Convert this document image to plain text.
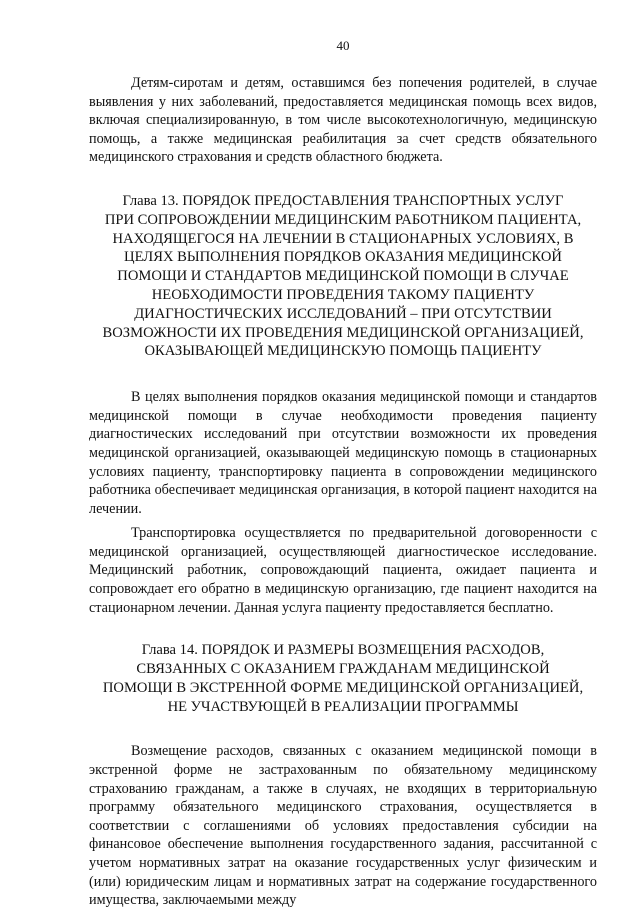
40

Детям-сиротам и детям, оставшимся без попечения родителей, в случае выявления у них заболеваний, предоставляется медицинская помощь всех видов, включая специализированную, в том числе высокотехнологичную, медицинскую помощь, а также медицинская реабилитация за счет средств обязательного медицинского страхования и средств областного бюджета.

Глава 13. ПОРЯДОК ПРЕДОСТАВЛЕНИЯ ТРАНСПОРТНЫХ УСЛУГ
ПРИ СОПРОВОЖДЕНИИ МЕДИЦИНСКИМ РАБОТНИКОМ ПАЦИЕНТА,
НАХОДЯЩЕГОСЯ НА ЛЕЧЕНИИ В СТАЦИОНАРНЫХ УСЛОВИЯХ, В
ЦЕЛЯХ ВЫПОЛНЕНИЯ ПОРЯДКОВ ОКАЗАНИЯ МЕДИЦИНСКОЙ
ПОМОЩИ И СТАНДАРТОВ МЕДИЦИНСКОЙ ПОМОЩИ В СЛУЧАЕ
НЕОБХОДИМОСТИ ПРОВЕДЕНИЯ ТАКОМУ ПАЦИЕНТУ
ДИАГНОСТИЧЕСКИХ ИССЛЕДОВАНИЙ – ПРИ ОТСУТСТВИИ
ВОЗМОЖНОСТИ ИХ ПРОВЕДЕНИЯ МЕДИЦИНСКОЙ ОРГАНИЗАЦИЕЙ,
ОКАЗЫВАЮЩЕЙ МЕДИЦИНСКУЮ ПОМОЩЬ ПАЦИЕНТУ

В целях выполнения порядков оказания медицинской помощи и стандартов медицинской помощи в случае необходимости проведения пациенту диагностических исследований при отсутствии возможности их проведения медицинской организацией, оказывающей медицинскую помощь в стационарных условиях пациенту, транспортировку пациента в сопровождении медицинского работника обеспечивает медицинская организация, в которой пациент находится на лечении.

Транспортировка осуществляется по предварительной договоренности с медицинской организацией, осуществляющей диагностическое исследование. Медицинский работник, сопровождающий пациента, ожидает пациента и сопровождает его обратно в медицинскую организацию, где пациент находится на стационарном лечении. Данная услуга пациенту предоставляется бесплатно.

Глава 14. ПОРЯДОК И РАЗМЕРЫ ВОЗМЕЩЕНИЯ РАСХОДОВ,
СВЯЗАННЫХ С ОКАЗАНИЕМ ГРАЖДАНАМ МЕДИЦИНСКОЙ
ПОМОЩИ В ЭКСТРЕННОЙ ФОРМЕ МЕДИЦИНСКОЙ ОРГАНИЗАЦИЕЙ,
НЕ УЧАСТВУЮЩЕЙ В РЕАЛИЗАЦИИ ПРОГРАММЫ

Возмещение расходов, связанных с оказанием медицинской помощи в экстренной форме не застрахованным по обязательному медицинскому страхованию гражданам, а также в случаях, не входящих в территориальную программу обязательного медицинского страхования, осуществляется в соответствии с соглашениями об условиях предоставления субсидии на финансовое обеспечение выполнения государственного задания, рассчитанной с учетом нормативных затрат на оказание государственных услуг физическим и (или) юридическим лицам и нормативных затрат на содержание государственного имущества, заключаемыми между
